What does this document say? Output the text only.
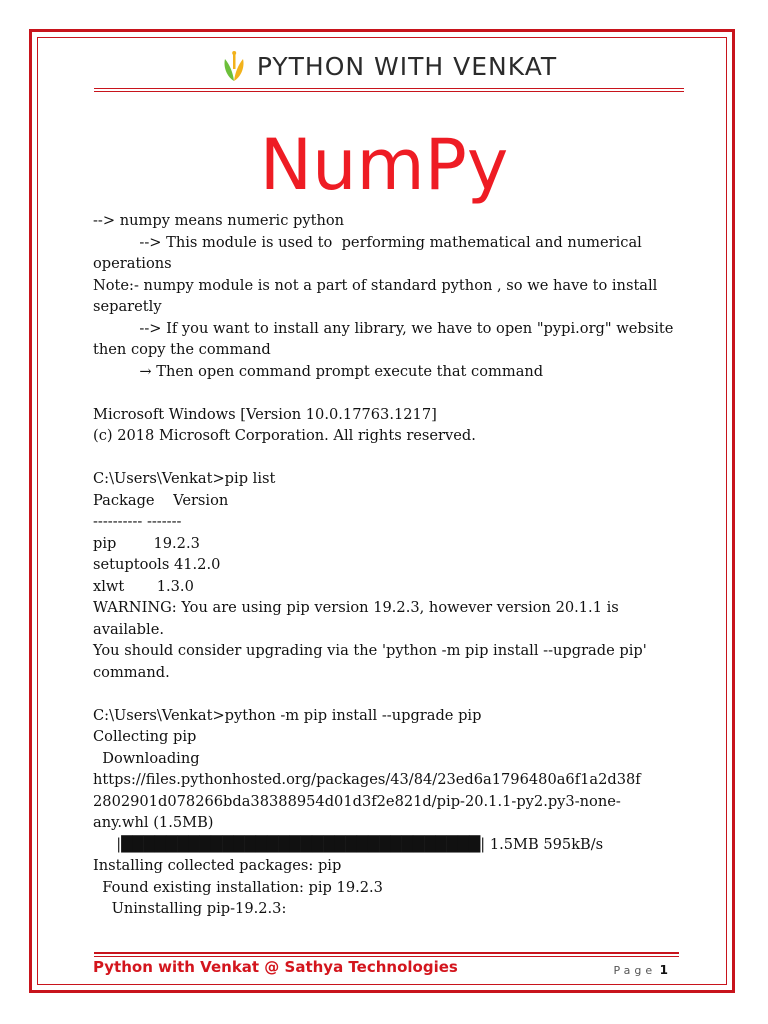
PYTHON WITH VENKAT
NumPy
--> numpy means numeric python
--> This module is used to  performing mathematical and numerical
operations
Note:- numpy module is not a part of standard python , so we have to install
separetly
--> If you want to install any library, we have to open "pypi.org" website
then copy the command
→ Then open command prompt execute that command

Microsoft Windows [Version 10.0.17763.1217]
(c) 2018 Microsoft Corporation. All rights reserved.

C:\Users\Venkat>pip list
Package    Version
---------- -------
pip        19.2.3
setuptools 41.2.0
xlwt       1.3.0
WARNING: You are using pip version 19.2.3, however version 20.1.1 is
available.
You should consider upgrading via the 'python -m pip install --upgrade pip'
command.

C:\Users\Venkat>python -m pip install --upgrade pip
Collecting pip
Downloading
https://files.pythonhosted.org/packages/43/84/23ed6a1796480a6f1a2d38f
2802901d078266bda38388954d01d3f2e821d/pip-20.1.1-py2.py3-none-
any.whl (1.5MB)
|████████████████████████████████| 1.5MB 595kB/s
Installing collected packages: pip
Found existing installation: pip 19.2.3
Uninstalling pip-19.2.3:
Python with Venkat @ Sathya Technologies	Page 1
